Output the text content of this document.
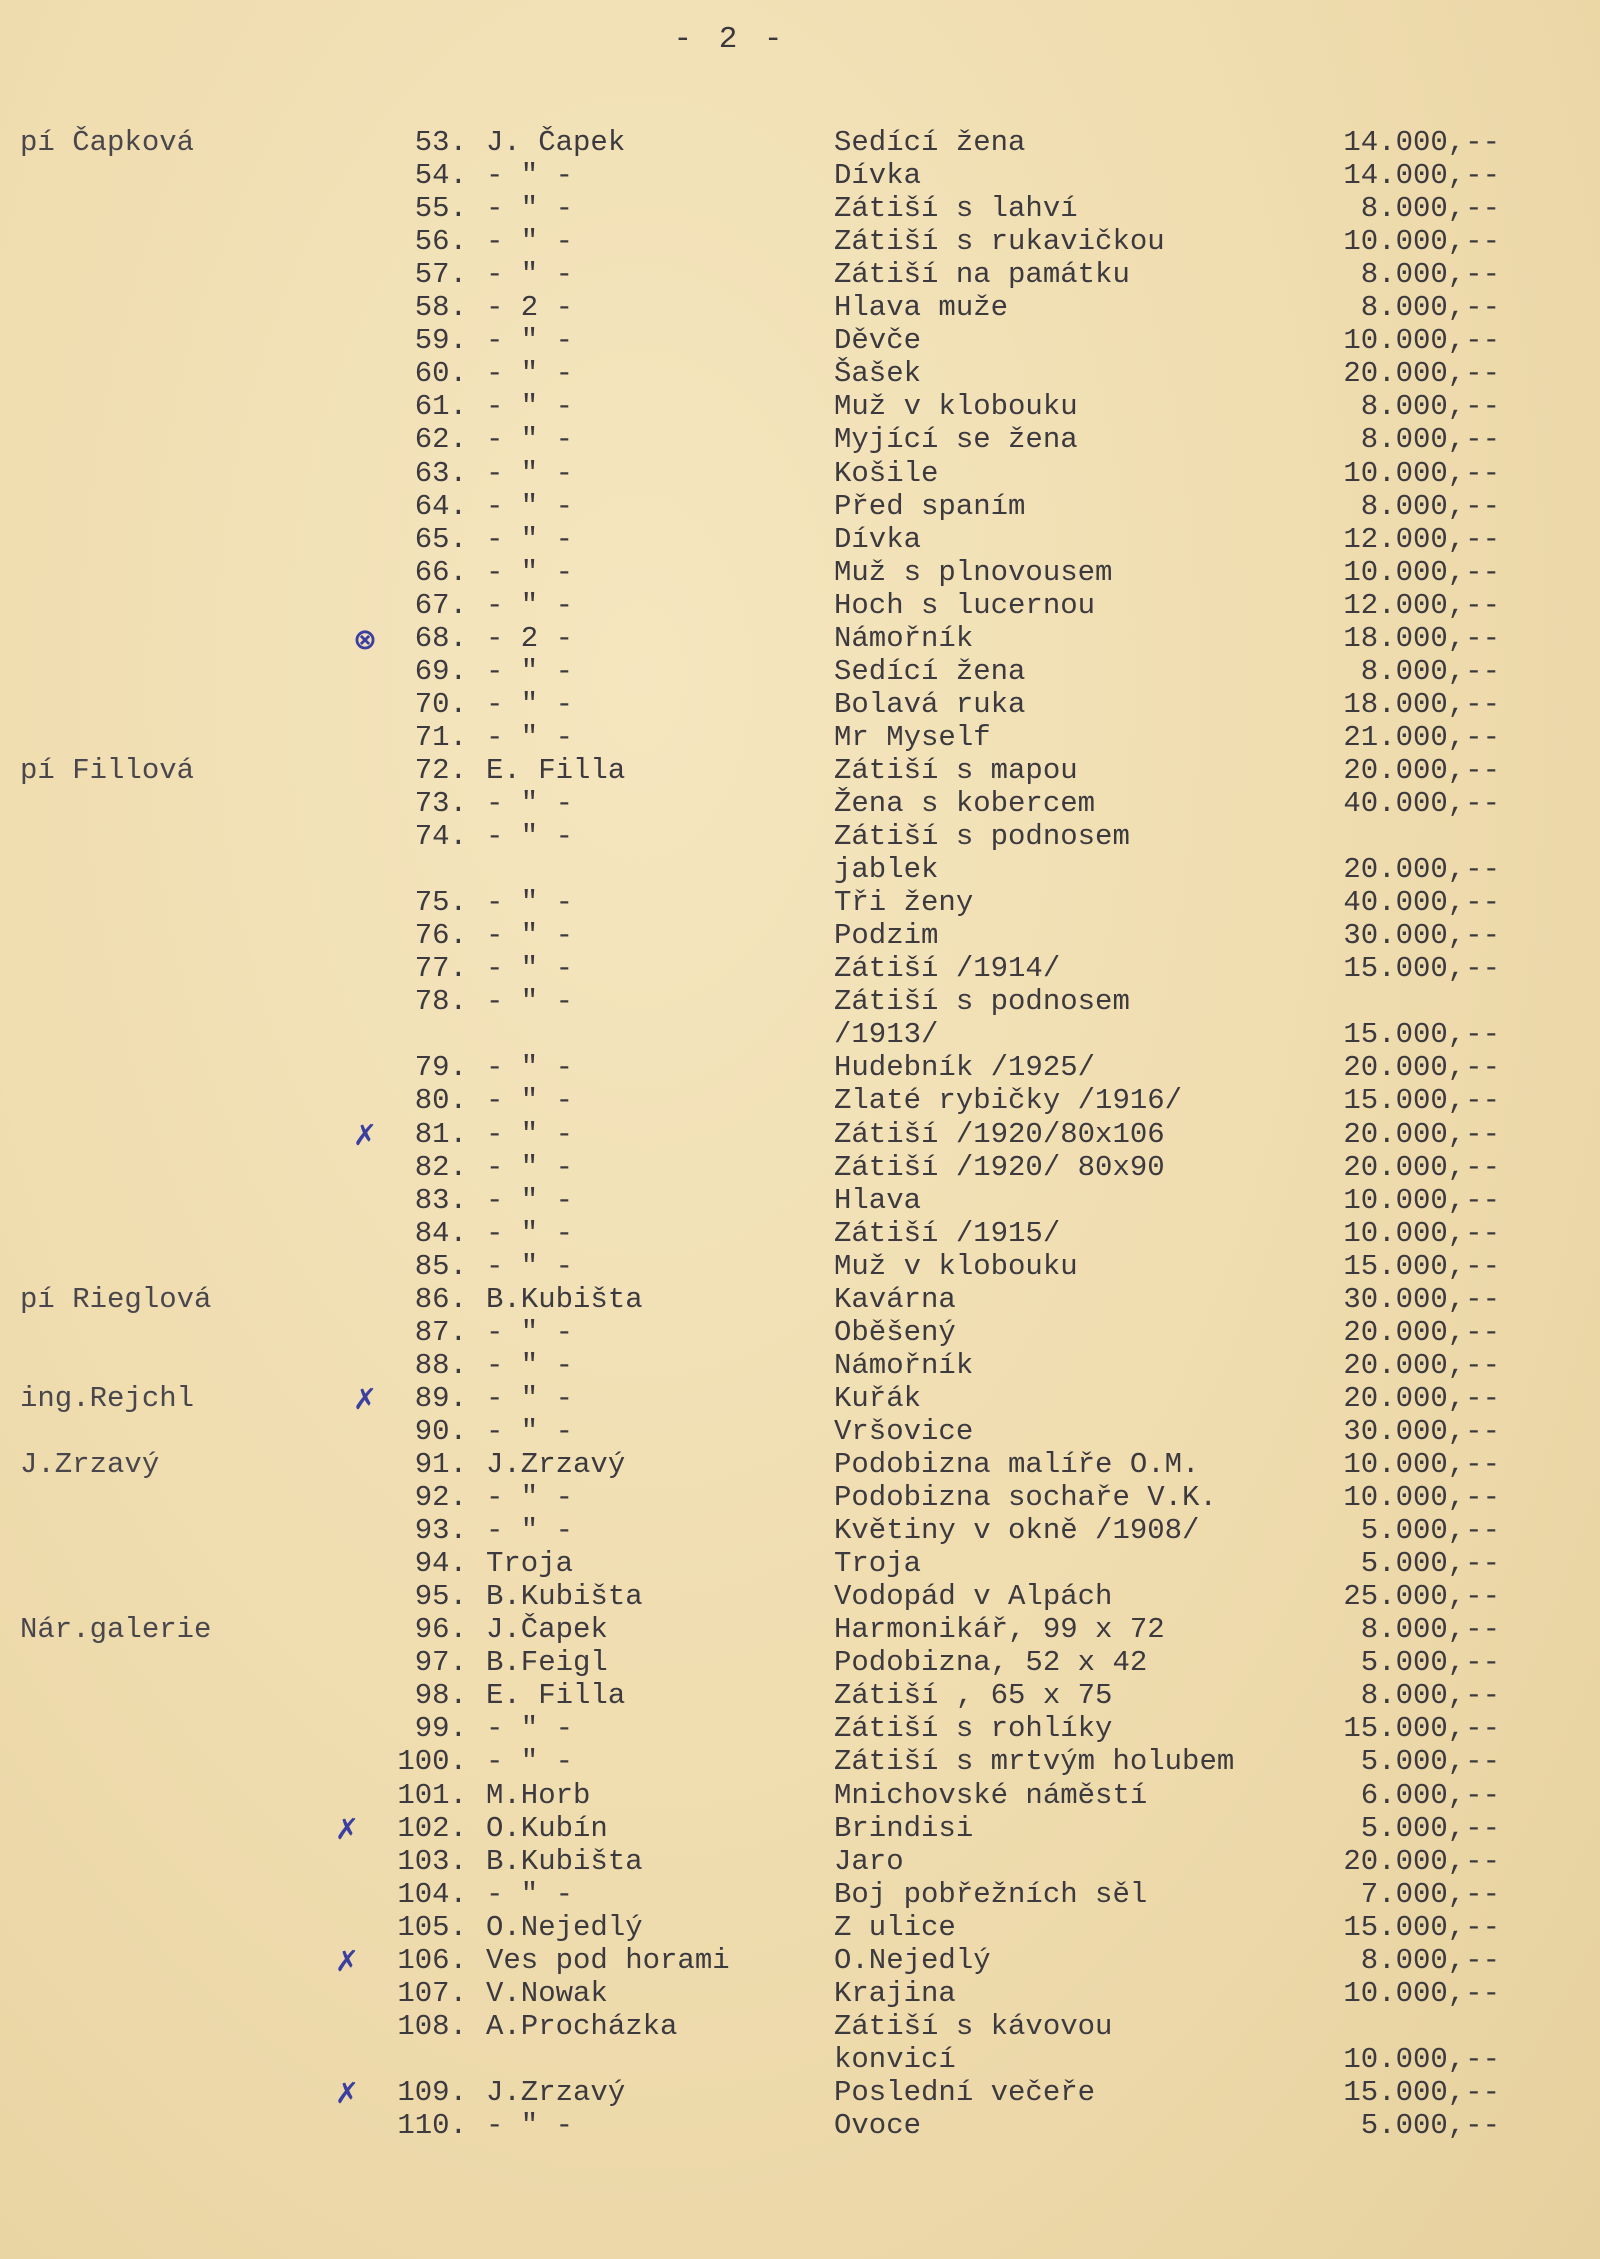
- 2 -
pí Čapková	53. J. Čapek	Sedící žena	14.000,--
54. - " -	Dívka	14.000,--
55. - " -	Zátiší s lahví	8.000,--
56. - " -	Zátiší s rukavičkou	10.000,--
57. - " -	Zátiší na památku	8.000,--
58. - 2 -	Hlava muže	8.000,--
59. - " -	Děvče	10.000,--
60. - " -	Šašek	20.000,--
61. - " -	Muž v klobouku	8.000,--
62. - " -	Myjící se žena	8.000,--
63. - " -	Košile	10.000,--
64. - " -	Před spaním	8.000,--
65. - " -	Dívka	12.000,--
66. - " -	Muž s plnovousem	10.000,--
67. - " -	Hoch s lucernou	12.000,--
⊗	68. - 2 -	Námořník	18.000,--
69. - " -	Sedící žena	8.000,--
70. - " -	Bolavá ruka	18.000,--
71. - " -	Mr Myself	21.000,--
pí Fillová	72. E. Filla	Zátiší s mapou	20.000,--
73. - " -	Žena s kobercem	40.000,--
74. - " -	Zátiší s podnosem
jablek	20.000,--
75. - " -	Tři ženy	40.000,--
76. - " -	Podzim	30.000,--
77. - " -	Zátiší /1914/	15.000,--
78. - " -	Zátiší s podnosem
/1913/	15.000,--
79. - " -	Hudebník /1925/	20.000,--
80. - " -	Zlaté rybičky /1916/	15.000,--
✗	81. - " -	Zátiší /1920/80x106	20.000,--
82. - " -	Zátiší /1920/ 80x90	20.000,--
83. - " -	Hlava	10.000,--
84. - " -	Zátiší /1915/	10.000,--
85. - " -	Muž v klobouku	15.000,--
pí Rieglová	86. B.Kubišta	Kavárna	30.000,--
87. - " -	Oběšený	20.000,--
88. - " -	Námořník	20.000,--
ing.Rejchl	✗	89. - " -	Kuřák	20.000,--
90. - " -	Vršovice	30.000,--
J.Zrzavý	91. J.Zrzavý	Podobizna malíře O.M.	10.000,--
92. - " -	Podobizna sochaře V.K.	10.000,--
93. - " -	Květiny v okně /1908/	5.000,--
94. Troja	Troja	5.000,--
95. B.Kubišta	Vodopád v Alpách	25.000,--
Nár.galerie	96. J.Čapek	Harmonikář, 99 x 72	8.000,--
97. B.Feigl	Podobizna, 52 x 42	5.000,--
98. E. Filla	Zátiší , 65 x 75	8.000,--
99. - " -	Zátiší s rohlíky	15.000,--
100. - " -	Zátiší s mrtvým holubem	5.000,--
101. M.Horb	Mnichovské náměstí	6.000,--
✗	102. O.Kubín	Brindisi	5.000,--
103. B.Kubišta	Jaro	20.000,--
104. - " -	Boj pobřežních sěl	7.000,--
105. O.Nejedlý	Z ulice	15.000,--
✗	106. Ves pod horami	O.Nejedlý	8.000,--
107. V.Nowak	Krajina	10.000,--
108. A.Procházka	Zátiší s kávovou
konvicí	10.000,--
✗	109. J.Zrzavý	Poslední večeře	15.000,--
110. - " -	Ovoce	5.000,--
